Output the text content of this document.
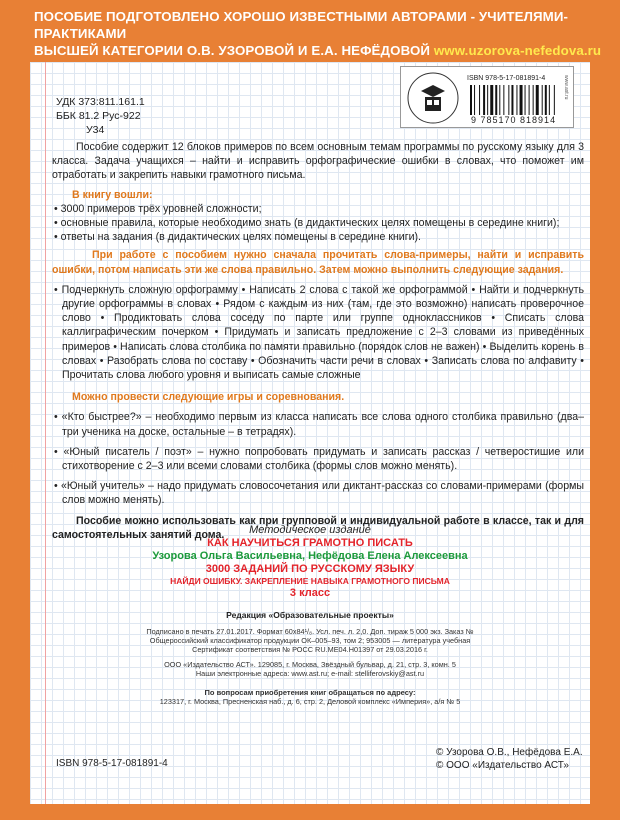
ПОСОБИЕ ПОДГОТОВЛЕНО ХОРОШО ИЗВЕСТНЫМИ АВТОРАМИ - УЧИТЕЛЯМИ-ПРАКТИКАМИ
ВЫСШЕЙ КАТЕГОРИИ О.В. УЗОРОВОЙ И Е.А. НЕФЁДОВОЙ www.uzorova-nefedova.ru
ISBN 978-5-17-081891-4
9 785170 818914
www.ast.ru
УДК 373:811.161.1
ББК 81.2 Рус-922
У34

Пособие содержит 12 блоков примеров по всем основным темам программы по русскому языку для 3 класса. Задача учащихся – найти и исправить орфографические ошибки в словах, что поможет им отработать и закрепить навыки грамотного письма.

В книгу вошли:
• 3000 примеров трёх уровней сложности;
• основные правила, которые необходимо знать (в дидактических целях помещены в середине книги);
• ответы на задания (в дидактических целях помещены в середине книги).

При работе с пособием нужно сначала прочитать слова-примеры, найти и исправить ошибки, потом написать эти же слова правильно. Затем можно выполнить следующие задания.

• Подчеркнуть сложную орфограмму • Написать 2 слова с такой же орфограммой • Найти и подчеркнуть другие орфограммы в словах • Рядом с каждым из них (там, где это возможно) написать проверочное слово • Продиктовать слова соседу по парте или группе одноклассников • Списать слова каллиграфическим почерком • Придумать и записать предложение с 2–3 словами из приведённых примеров • Написать слова столбика по памяти правильно (порядок слов не важен) • Выделить корень в словах • Разобрать слова по составу • Обозначить части речи в словах • Записать слова по алфавиту • Прочитать слова любого уровня и выписать самые сложные
Можно провести следующие игры и соревнования.
• «Кто быстрее?» – необходимо первым из класса написать все слова одного столбика правильно (два–три ученика на доске, остальные – в тетрадях).
• «Юный писатель / поэт» – нужно попробовать придумать и записать рассказ / четверостишие или стихотворение с 2–3 или всеми словами столбика (формы слов можно менять).
• «Юный учитель» – надо придумать словосочетания или диктант-рассказ со словами-примерами (формы слов можно менять).

Пособие можно использовать как при групповой и индивидуальной работе в классе, так и для самостоятельных занятий дома.	Методическое издание
КАК НАУЧИТЬСЯ ГРАМОТНО ПИСАТЬ
Узорова Ольга Васильевна, Нефёдова Елена Алексеевна
3000 ЗАДАНИЙ ПО РУССКОМУ ЯЗЫКУ
НАЙДИ ОШИБКУ. ЗАКРЕПЛЕНИЕ НАВЫКА ГРАМОТНОГО ПИСЬМА
3 класс
Редакция «Образовательные проекты»
Подписано в печать 27.01.2017. Формат 60x84¹/₈. Усл. печ. л. 2,0. Доп. тираж 5 000 экз. Заказ №
Общероссийский классификатор продукции ОК–005–93, том 2; 953005 — литература учебная
Сертификат соответствия № РОСС RU.МЕ04.Н01397 от 29.03.2016 г.
ООО «Издательство АСТ». 129085, г. Москва, Звёздный бульвар, д. 21, стр. 3, комн. 5
Наши электронные адреса: www.ast.ru; e-mail: stelliferovskiy@ast.ru
По вопросам приобретения книг обращаться по адресу:
123317, г. Москва, Пресненская наб., д. 6, стр. 2, Деловой комплекс «Империя», а/я № 5
ISBN 978-5-17-081891-4
© Узорова О.В., Нефёдова Е.А.
© ООО «Издательство АСТ»
